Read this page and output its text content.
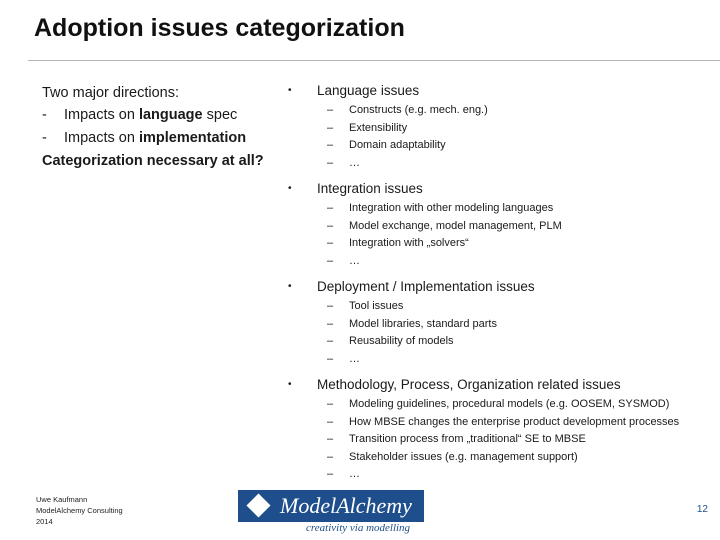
Adoption issues categorization

Two major directions:

-	Impacts on language spec
-	Impacts on implementation

Categorization necessary at all?

•	Language issues
–	Constructs (e.g. mech. eng.)
–	Extensibility
–	Domain adaptability
–	…
•	Integration issues
–	Integration with other modeling languages
–	Model exchange, model management, PLM
–	Integration with „solvers“
–	…
•	Deployment / Implementation issues
–	Tool issues
–	Model libraries, standard parts
–	Reusability of models
–	…
•	Methodology, Process, Organization related issues
–	Modeling guidelines, procedural models (e.g. OOSEM, SYSMOD)
–	How MBSE changes the enterprise product development processes
–	Transition process from „traditional“ SE to MBSE
–	Stakeholder issues (e.g. management support)
–	…
Uwe Kaufmann
ModelAlchemy Consulting
2014
ModelAlchemy
creativity via modelling
12
